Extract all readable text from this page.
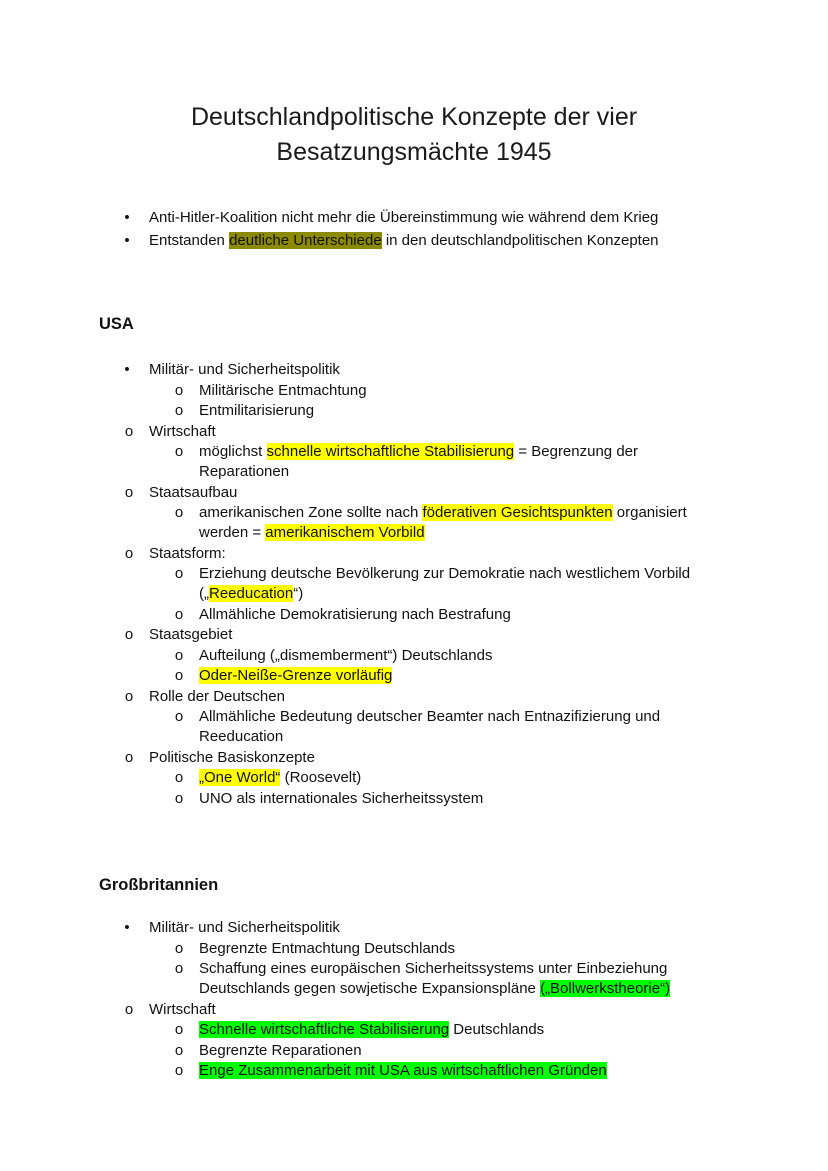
Deutschlandpolitische Konzepte der vier
Besatzungsmächte 1945
• Anti-Hitler-Koalition nicht mehr die Übereinstimmung wie während dem Krieg
• Entstanden deutliche Unterschiede in den deutschlandpolitischen Konzepten
USA
• Militär- und Sicherheitspolitik
o Militärische Entmachtung
o Entmilitarisierung
o Wirtschaft
o möglichst schnelle wirtschaftliche Stabilisierung = Begrenzung der
Reparationen
o Staatsaufbau
o amerikanischen Zone sollte nach föderativen Gesichtspunkten organisiert
werden = amerikanischem Vorbild
o Staatsform:
o Erziehung deutsche Bevölkerung zur Demokratie nach westlichem Vorbild
(„Reeducation“)
o Allmähliche Demokratisierung nach Bestrafung
o Staatsgebiet
o Aufteilung („dismemberment“) Deutschlands
o Oder-Neiße-Grenze vorläufig
o Rolle der Deutschen
o Allmähliche Bedeutung deutscher Beamter nach Entnazifizierung und
Reeducation
o Politische Basiskonzepte
o „One World“ (Roosevelt)
o UNO als internationales Sicherheitssystem
Großbritannien
• Militär- und Sicherheitspolitik
o Begrenzte Entmachtung Deutschlands
o Schaffung eines europäischen Sicherheitssystems unter Einbeziehung
Deutschlands gegen sowjetische Expansionspläne („Bollwerkstheorie“)
o Wirtschaft
o Schnelle wirtschaftliche Stabilisierung Deutschlands
o Begrenzte Reparationen
o Enge Zusammenarbeit mit USA aus wirtschaftlichen Gründen
